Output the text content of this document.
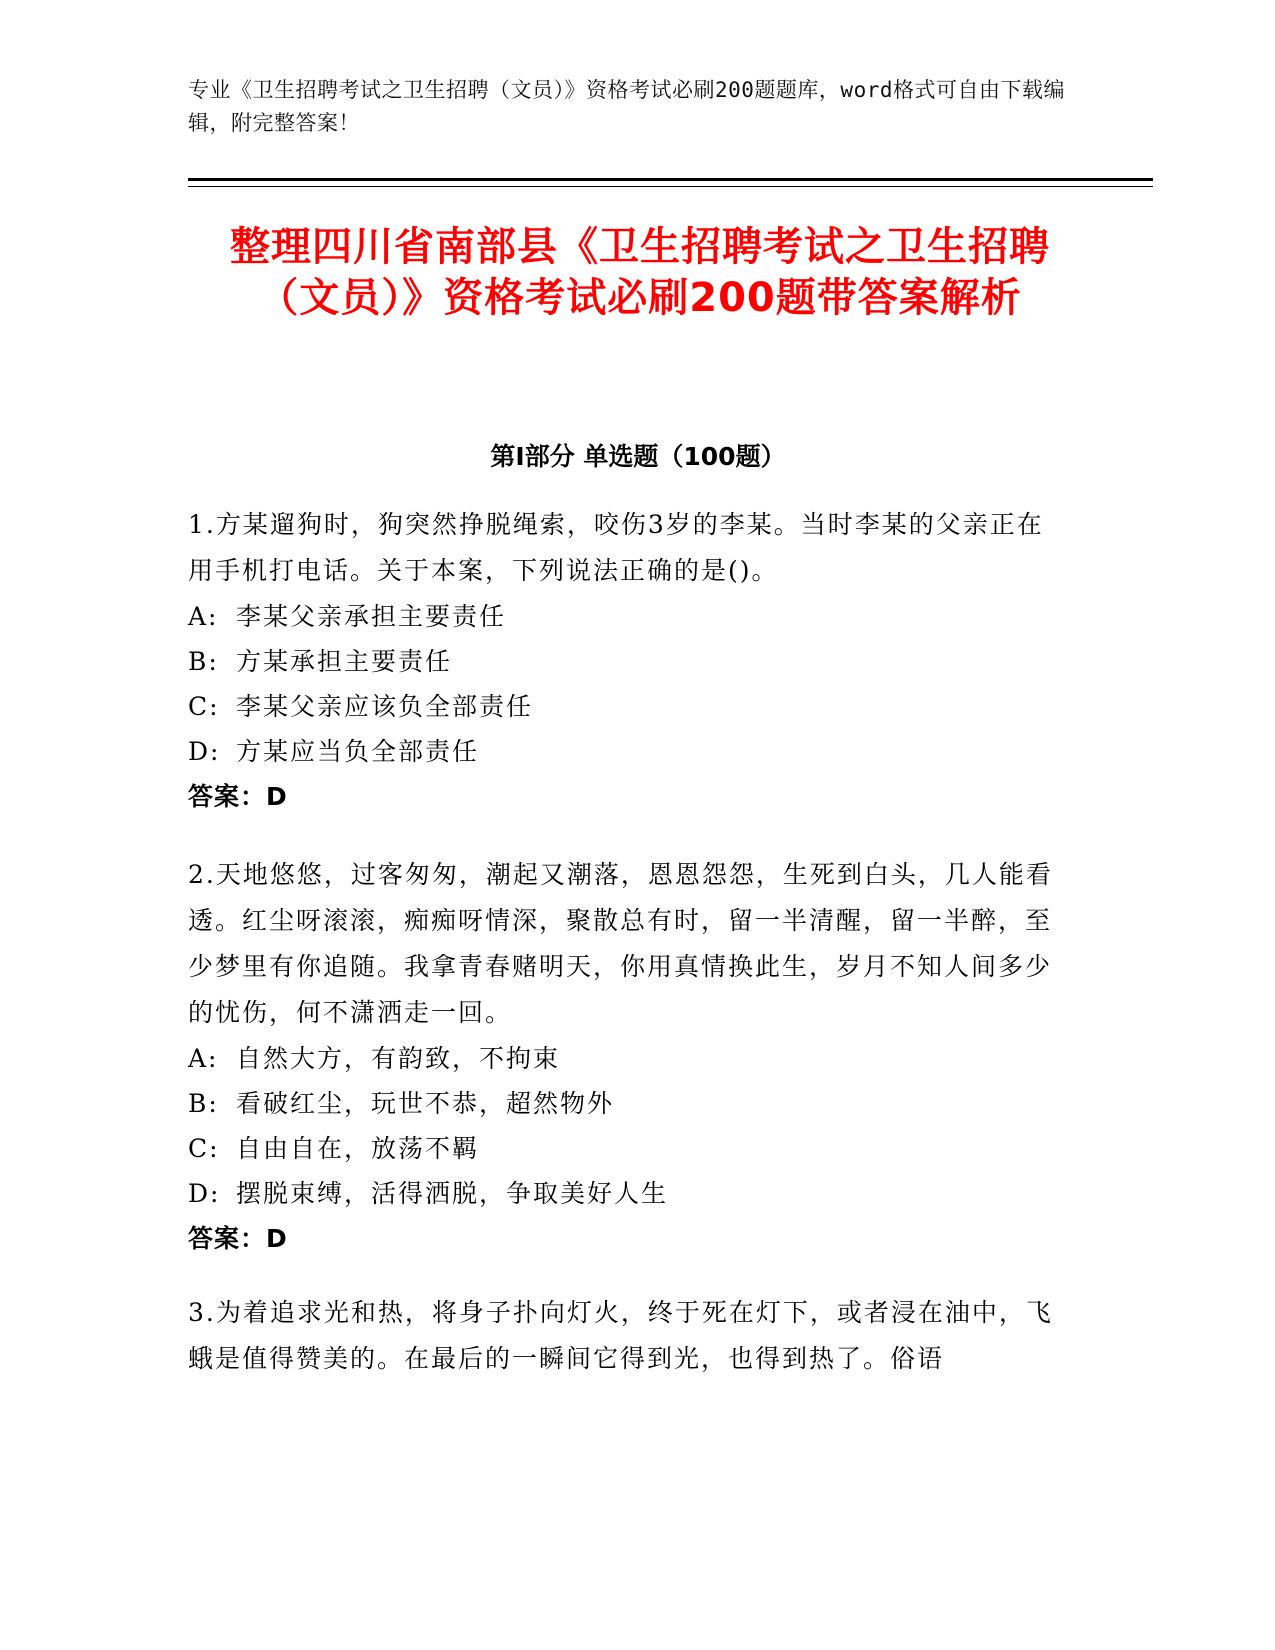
专业《卫生招聘考试之卫生招聘（文员）》资格考试必刷200题题库，word格式可自由下载编辑，附完整答案！
整理四川省南部县《卫生招聘考试之卫生招聘（文员）》资格考试必刷200题带答案解析
第Ⅰ部分 单选题（100题）
1.方某遛狗时，狗突然挣脱绳索，咬伤3岁的李某。当时李某的父亲正在用手机打电话。关于本案，下列说法正确的是()。
A: 李某父亲承担主要责任
B: 方某承担主要责任
C: 李某父亲应该负全部责任
D: 方某应当负全部责任
答案：D
2.天地悠悠，过客匆匆，潮起又潮落，恩恩怨怨，生死到白头，几人能看透。红尘呀滚滚，痴痴呀情深，聚散总有时，留一半清醒，留一半醉，至少梦里有你追随。我拿青春赌明天，你用真情换此生，岁月不知人间多少的忧伤，何不潇洒走一回。
A: 自然大方，有韵致，不拘束
B: 看破红尘，玩世不恭，超然物外
C: 自由自在，放荡不羁
D: 摆脱束缚，活得洒脱，争取美好人生
答案：D
3.为着追求光和热，将身子扑向灯火，终于死在灯下，或者浸在油中，飞蛾是值得赞美的。在最后的一瞬间它得到光，也得到热了。俗语
